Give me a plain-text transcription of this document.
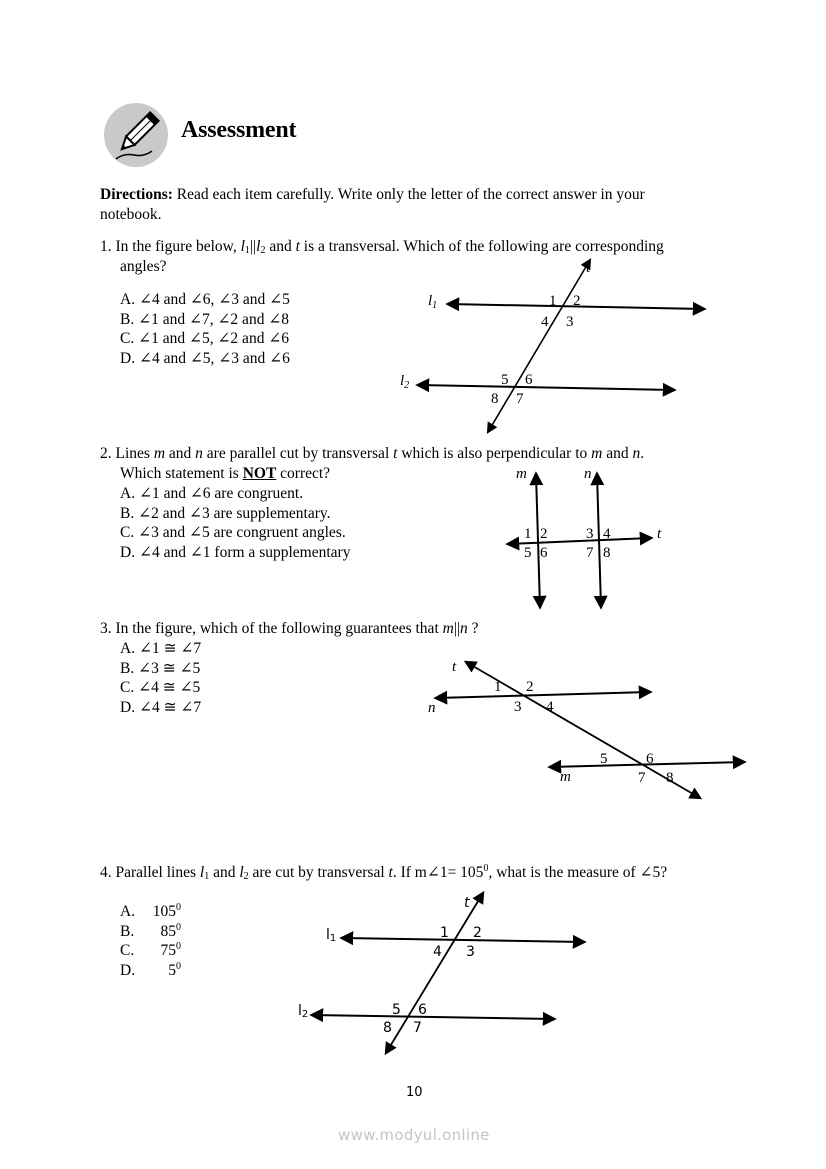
Assessment
Directions: Read each item carefully. Write only the letter of the correct answer in your
notebook.
1. In the figure below, $l_1||l_2$ and t is a transversal. Which of the following are corresponding
angles?
A. ∠4 and ∠6, ∠3 and ∠5
B. ∠1 and ∠7, ∠2 and ∠8
C. ∠1 and ∠5, ∠2 and ∠6
D. ∠4 and ∠5, ∠3 and ∠6
t
$l_1$
$l_2$
1 2
4 3
5 6
8 7
2. Lines m and n are parallel cut by transversal t which is also perpendicular to m and n.
Which statement is NOT correct?
A. ∠1 and ∠6 are congruent.
B. ∠2 and ∠3 are supplementary.
C. ∠3 and ∠5 are congruent angles.
D. ∠4 and ∠1 form a supplementary
m	n
t
1 2	3 4
5 6	7 8
3. In the figure, which of the following guarantees that m||n ?
A. ∠1 ≅ ∠7
B. ∠3 ≅ ∠5
C. ∠4 ≅ ∠5
D. ∠4 ≅ ∠7
t
n
m
1 2
3 4
5	6
7 8
4. Parallel lines $l_1$ and $l_2$ are cut by transversal t. If m∠1= $105^0$, what is the measure of ∠5?
A. $105^0$
B. $85^0$
C. $75^0$
D. $5^0$
t
l1
l2
1 2
4 3
5 6
8 7
10
www.modyul.online
